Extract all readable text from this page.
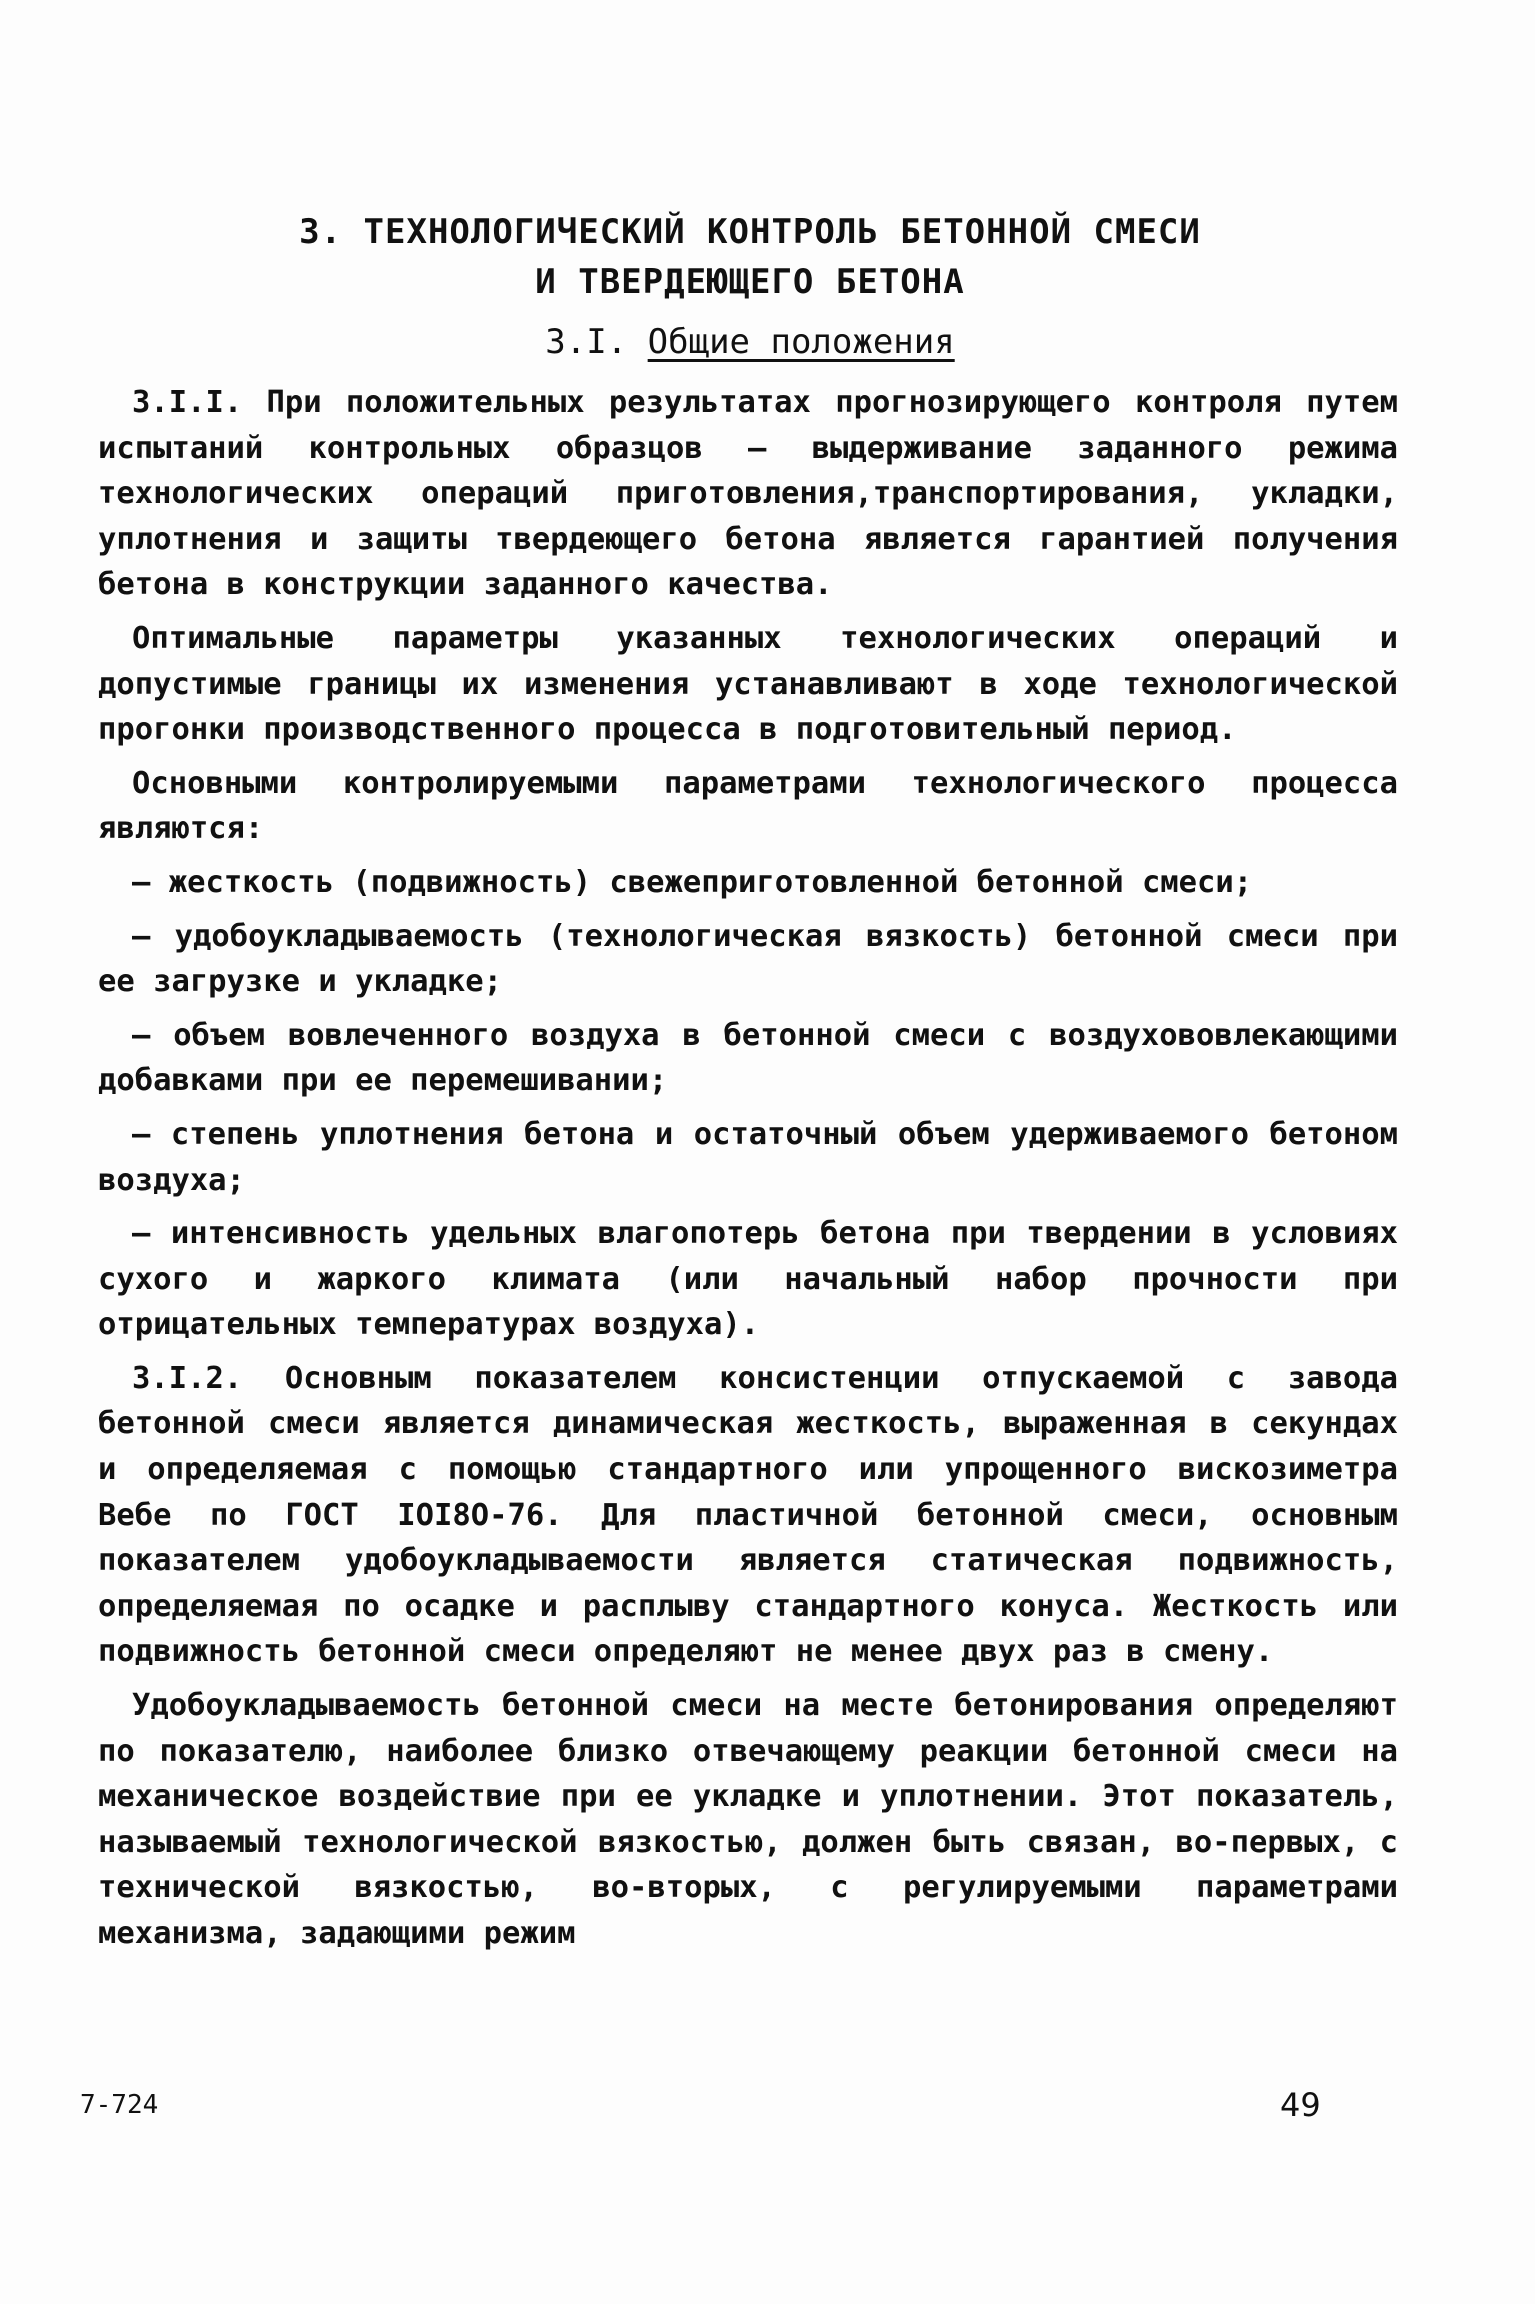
3. ТЕХНОЛОГИЧЕСКИЙ КОНТРОЛЬ БЕТОННОЙ СМЕСИ
И ТВЕРДЕЮЩЕГО БЕТОНА
3.I. Общие положения

3.I.I. При положительных результатах прогнозирующего контроля путем испытаний контрольных образцов – выдерживание заданного режима технологических операций приготовления,транспортирования, укладки, уплотнения и защиты твердеющего бетона является гарантией получения бетона в конструкции заданного качества.

Оптимальные параметры указанных технологических операций и допустимые границы их изменения устанавливают в ходе технологической прогонки производственного процесса в подготовительный период.

Основными контролируемыми параметрами технологического процесса являются:

– жесткость (подвижность) свежеприготовленной бетонной смеси;

– удобоукладываемость (технологическая вязкость) бетонной смеси при ее загрузке и укладке;

– объем вовлеченного воздуха в бетонной смеси с воздухововлекающими добавками при ее перемешивании;

– степень уплотнения бетона и остаточный объем удерживаемого бетоном воздуха;

– интенсивность удельных влагопотерь бетона при твердении в условиях сухого и жаркого климата (или начальный набор прочности при отрицательных температурах воздуха).

3.I.2. Основным показателем консистенции отпускаемой с завода бетонной смеси является динамическая жесткость, выраженная в секундах и определяемая с помощью стандартного или упрощенного вискозиметра Вебе по ГОСТ IOI8O-76. Для пластичной бетонной смеси, основным показателем удобоукладываемости является статическая подвижность, определяемая по осадке и расплыву стандартного конуса. Жесткость или подвижность бетонной смеси определяют не менее двух раз в смену.

Удобоукладываемость бетонной смеси на месте бетонирования определяют по показателю, наиболее близко отвечающему реакции бетонной смеси на механическое воздействие при ее укладке и уплотнении. Этот показатель, называемый технологической вязкостью, должен быть связан, во-первых, с технической вязкостью, во-вторых, с регулируемыми параметрами механизма, задающими режим

7-724	49
